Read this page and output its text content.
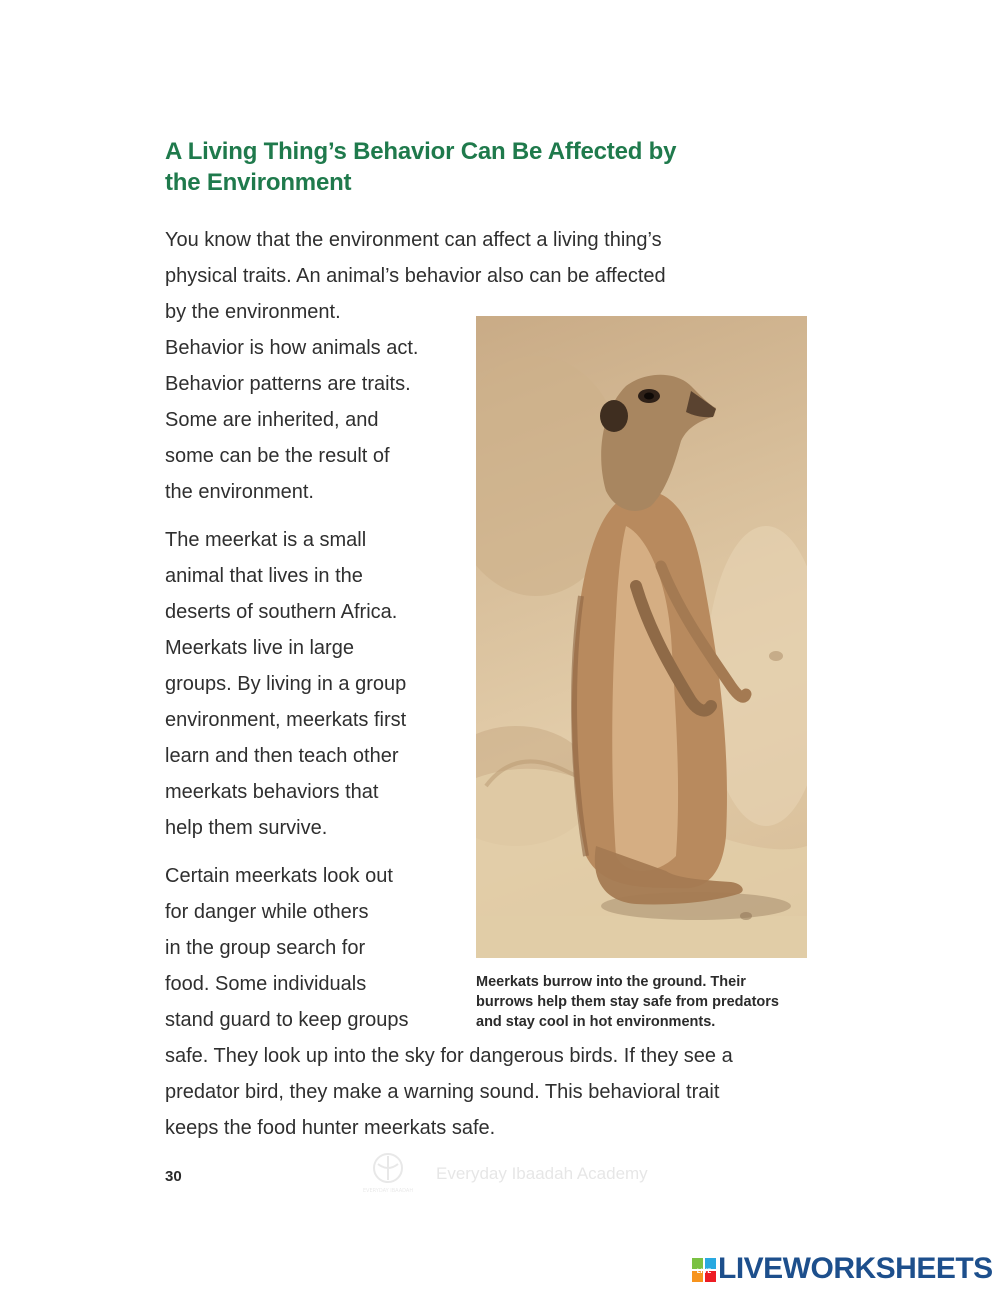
A Living Thing’s Behavior Can Be Affected by
the Environment

You know that the environment can affect a living thing’s

physical traits. An animal’s behavior also can be affected

by the environment.

Behavior is how animals act.

Behavior patterns are traits.

Some are inherited, and

some can be the result of

the environment.

The meerkat is a small

animal that lives in the

deserts of southern Africa.

Meerkats live in large

groups. By living in a group

environment, meerkats first

learn and then teach other

meerkats behaviors that

help them survive.

Certain meerkats look out

for danger while others

in the group search for

food. Some individuals

stand guard to keep groups

safe. They look up into the sky for dangerous birds. If they see a

predator bird, they make a warning sound. This behavioral trait

keeps the food hunter meerkats safe.

Meerkats burrow into the ground. Their
burrows help them stay safe from predators
and stay cool in hot environments.
30
EVERYDAY IBAADAH
Everyday Ibaadah Academy
LIVE LIVEWORKSHEETS
